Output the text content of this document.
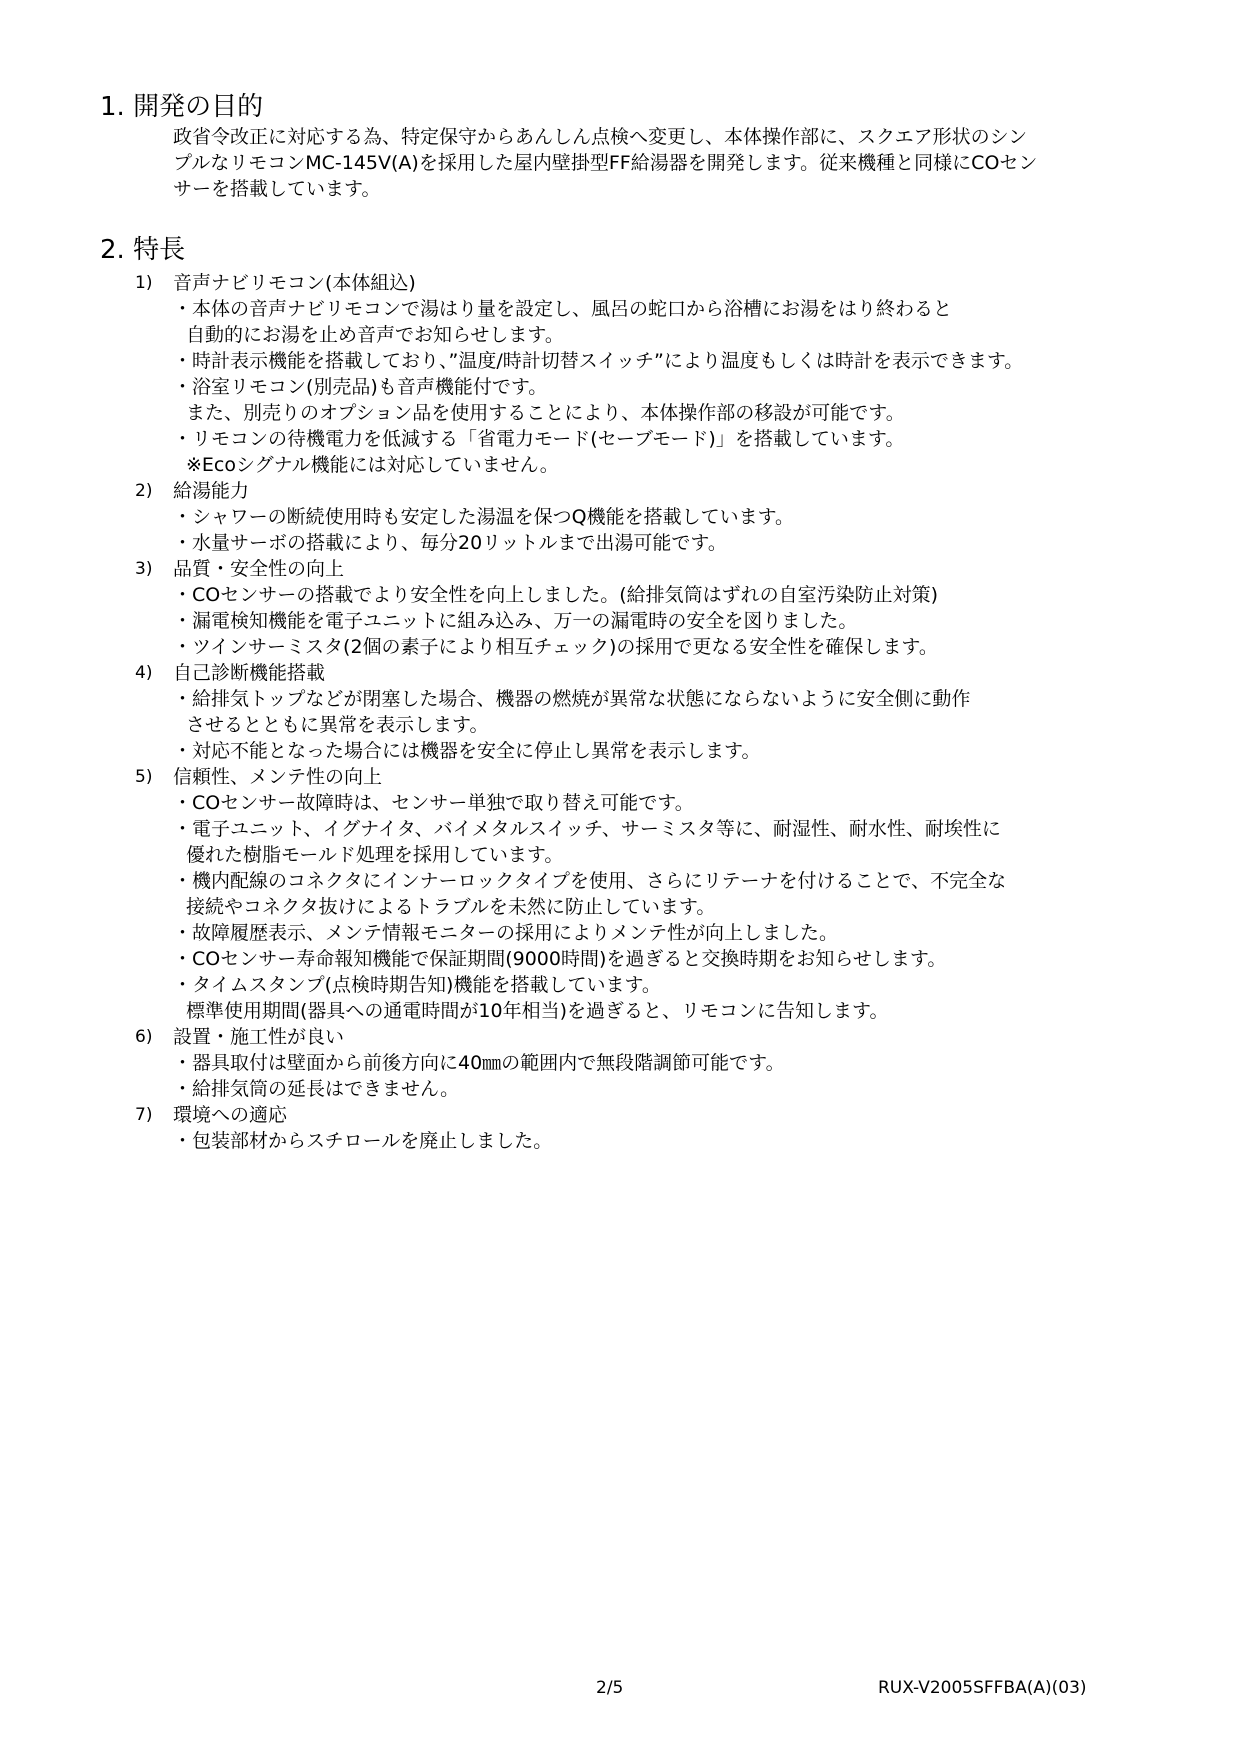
1. 開発の目的
政省令改正に対応する為、特定保守からあんしん点検へ変更し、本体操作部に、スクエア形状のシン
プルなリモコンMC-145V(A)を採用した屋内壁掛型FF給湯器を開発します。従来機種と同様にCOセン
サーを搭載しています。
2. 特長
1) 音声ナビリモコン(本体組込)
・本体の音声ナビリモコンで湯はり量を設定し、風呂の蛇口から浴槽にお湯をはり終わると
自動的にお湯を止め音声でお知らせします。
・時計表示機能を搭載しており、”温度/時計切替スイッチ”により温度もしくは時計を表示できます。
・浴室リモコン(別売品)も音声機能付です。
また、別売りのオプション品を使用することにより、本体操作部の移設が可能です。
・リモコンの待機電力を低減する「省電力モード(セーブモード)」を搭載しています。
※Ecoシグナル機能には対応していません。
2) 給湯能力
・シャワーの断続使用時も安定した湯温を保つQ機能を搭載しています。
・水量サーボの搭載により、毎分20リットルまで出湯可能です。
3) 品質・安全性の向上
・COセンサーの搭載でより安全性を向上しました。(給排気筒はずれの自室汚染防止対策)
・漏電検知機能を電子ユニットに組み込み、万一の漏電時の安全を図りました。
・ツインサーミスタ(2個の素子により相互チェック)の採用で更なる安全性を確保します。
4) 自己診断機能搭載
・給排気トップなどが閉塞した場合、機器の燃焼が異常な状態にならないように安全側に動作
させるとともに異常を表示します。
・対応不能となった場合には機器を安全に停止し異常を表示します。
5) 信頼性、メンテ性の向上
・COセンサー故障時は、センサー単独で取り替え可能です。
・電子ユニット、イグナイタ、バイメタルスイッチ、サーミスタ等に、耐湿性、耐水性、耐埃性に
優れた樹脂モールド処理を採用しています。
・機内配線のコネクタにインナーロックタイプを使用、さらにリテーナを付けることで、不完全な
接続やコネクタ抜けによるトラブルを未然に防止しています。
・故障履歴表示、メンテ情報モニターの採用によりメンテ性が向上しました。
・COセンサー寿命報知機能で保証期間(9000時間)を過ぎると交換時期をお知らせします。
・タイムスタンプ(点検時期告知)機能を搭載しています。
標準使用期間(器具への通電時間が10年相当)を過ぎると、リモコンに告知します。
6) 設置・施工性が良い
・器具取付は壁面から前後方向に40㎜の範囲内で無段階調節可能です。
・給排気筒の延長はできません。
7) 環境への適応
・包装部材からスチロールを廃止しました。
2/5	RUX-V2005SFFBA(A)(03)
